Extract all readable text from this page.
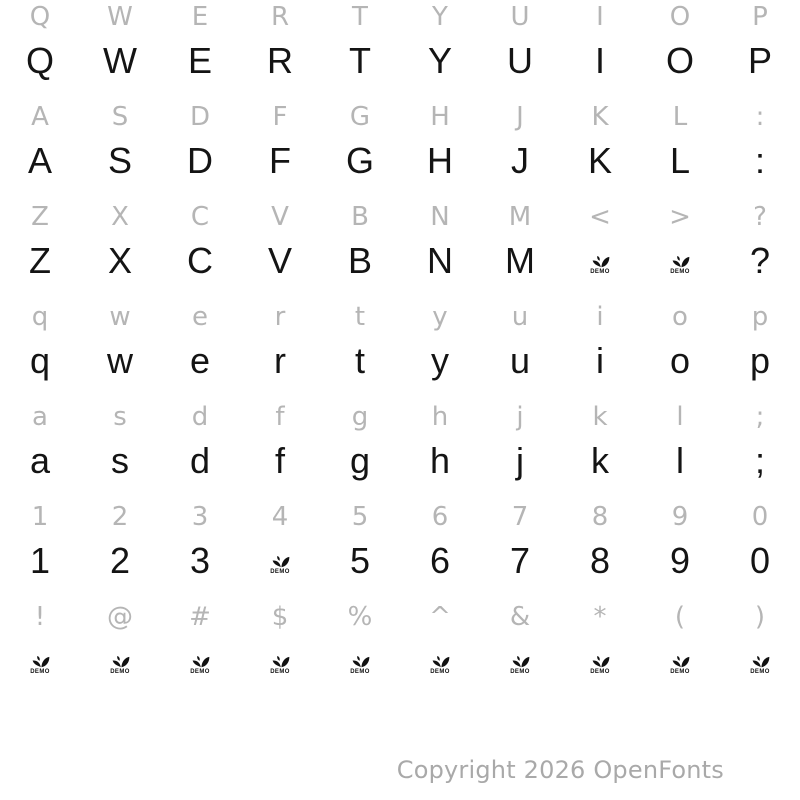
Q W E R T Y U	I	O P
Q W E R T Y U I O P
A S D F G H	J	K L	:
A S D F G H J K L :
Z X C V B N M < > ?
Z X C V B N M	DEMO	DEMO ?
q w e	r	t	y u	i	o p
q w e r t y u i o p
a	s d	f	g h	j	k	l	;
a s d f g h j k l ;
1 2 3 4 5 6 7 8 9 0
1 2 3	DEMO 5 6 7 8 9 0
! @ # $ % ^ & *	(	)
DEMO	DEMO	DEMO	DEMO	DEMO	DEMO	DEMO	DEMO	DEMO	DEMO
Copyright 2026 OpenFonts
